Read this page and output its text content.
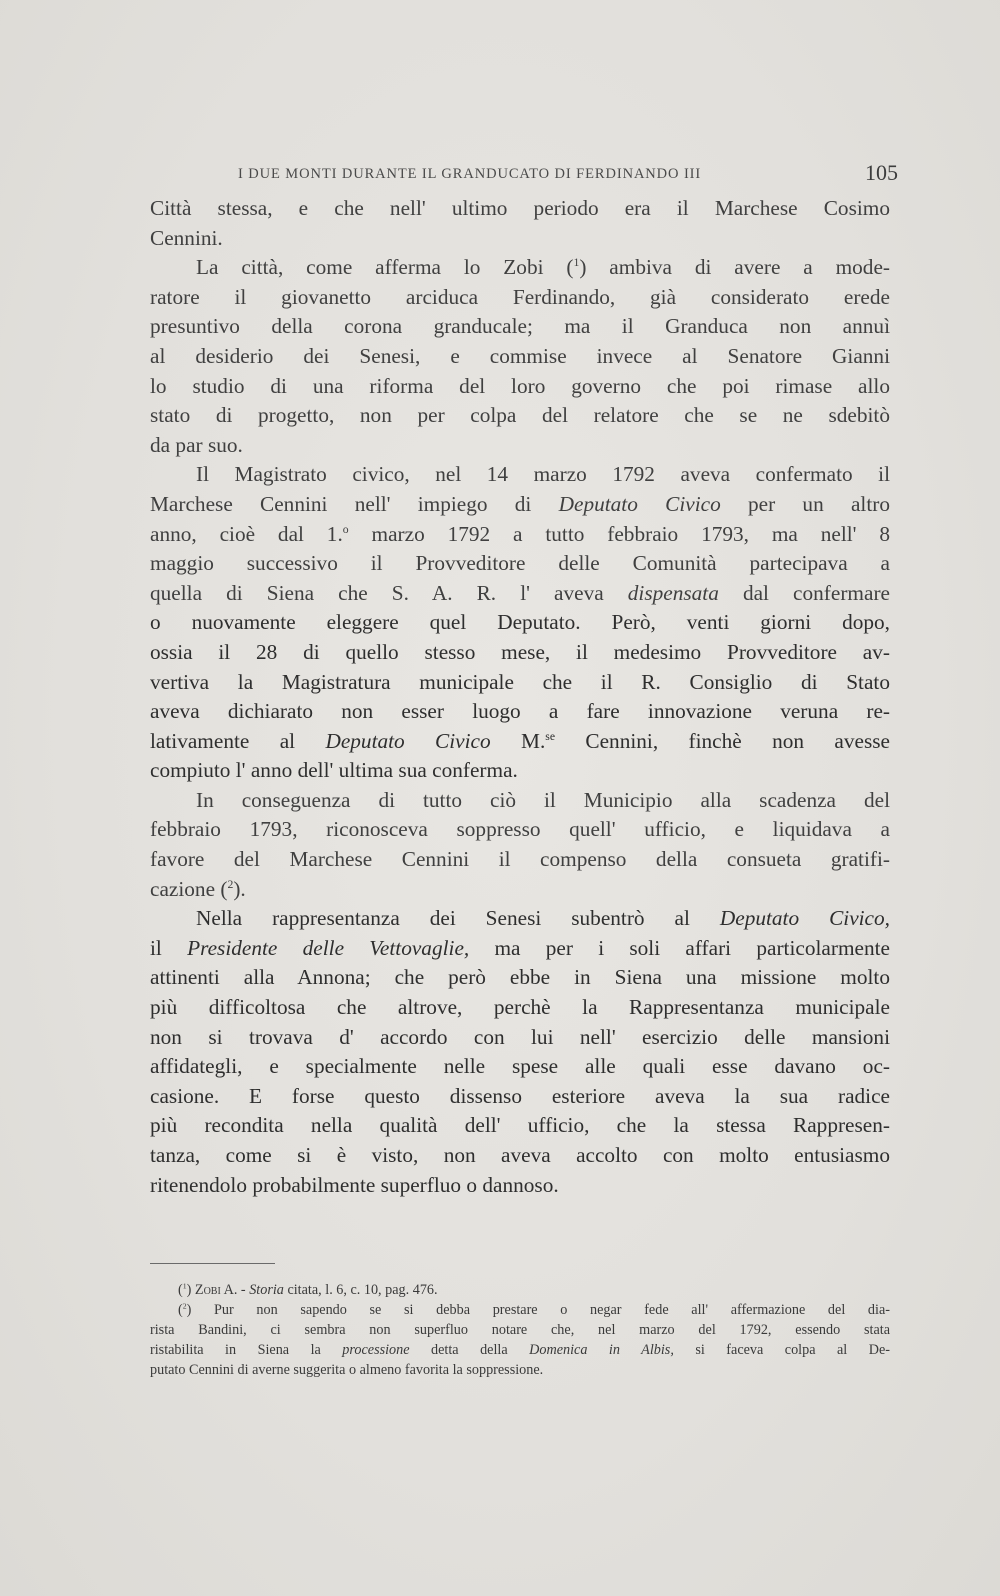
I DUE MONTI DURANTE IL GRANDUCATO DI FERDINANDO III	105
Città stessa, e che nell' ultimo periodo era il Marchese Cosimo
Cennini.
La città, come afferma lo Zobi ($^1$) ambiva di avere a mode-
ratore il giovanetto arciduca Ferdinando, già considerato erede
presuntivo della corona granducale; ma il Granduca non annuì
al desiderio dei Senesi, e commise invece al Senatore Gianni
lo studio di una riforma del loro governo che poi rimase allo
stato di progetto, non per colpa del relatore che se ne sdebitò
da par suo.
Il Magistrato civico, nel 14 marzo 1792 aveva confermato il
Marchese Cennini nell' impiego di Deputato Civico per un altro
anno, cioè dal 1.$^o$ marzo 1792 a tutto febbraio 1793, ma nell' 8
maggio successivo il Provveditore delle Comunità partecipava a
quella di Siena che S. A. R. l' aveva dispensata dal confermare
o nuovamente eleggere quel Deputato. Però, venti giorni dopo,
ossia il 28 di quello stesso mese, il medesimo Provveditore av-
vertiva la Magistratura municipale che il R. Consiglio di Stato
aveva dichiarato non esser luogo a fare innovazione veruna re-
lativamente al Deputato Civico M.$^{se}$ Cennini, finchè non avesse
compiuto l' anno dell' ultima sua conferma.
In conseguenza di tutto ciò il Municipio alla scadenza del
febbraio 1793, riconosceva soppresso quell' ufficio, e liquidava a
favore del Marchese Cennini il compenso della consueta gratifi-
cazione ($^2$).
Nella rappresentanza dei Senesi subentrò al Deputato Civico,
il Presidente delle Vettovaglie, ma per i soli affari particolarmente
attinenti alla Annona; che però ebbe in Siena una missione molto
più difficoltosa che altrove, perchè la Rappresentanza municipale
non si trovava d' accordo con lui nell' esercizio delle mansioni
affidategli, e specialmente nelle spese alle quali esse davano oc-
casione. E forse questo dissenso esteriore aveva la sua radice
più recondita nella qualità dell' ufficio, che la stessa Rappresen-
tanza, come si è visto, non aveva accolto con molto entusiasmo
ritenendolo probabilmente superfluo o dannoso.
($^1$) Zobi A. - Storia citata, l. 6, c. 10, pag. 476.
($^2$) Pur non sapendo se si debba prestare o negar fede all' affermazione del dia-
rista Bandini, ci sembra non superfluo notare che, nel marzo del 1792, essendo stata
ristabilita in Siena la processione detta della Domenica in Albis, si faceva colpa al De-
putato Cennini di averne suggerita o almeno favorita la soppressione.
